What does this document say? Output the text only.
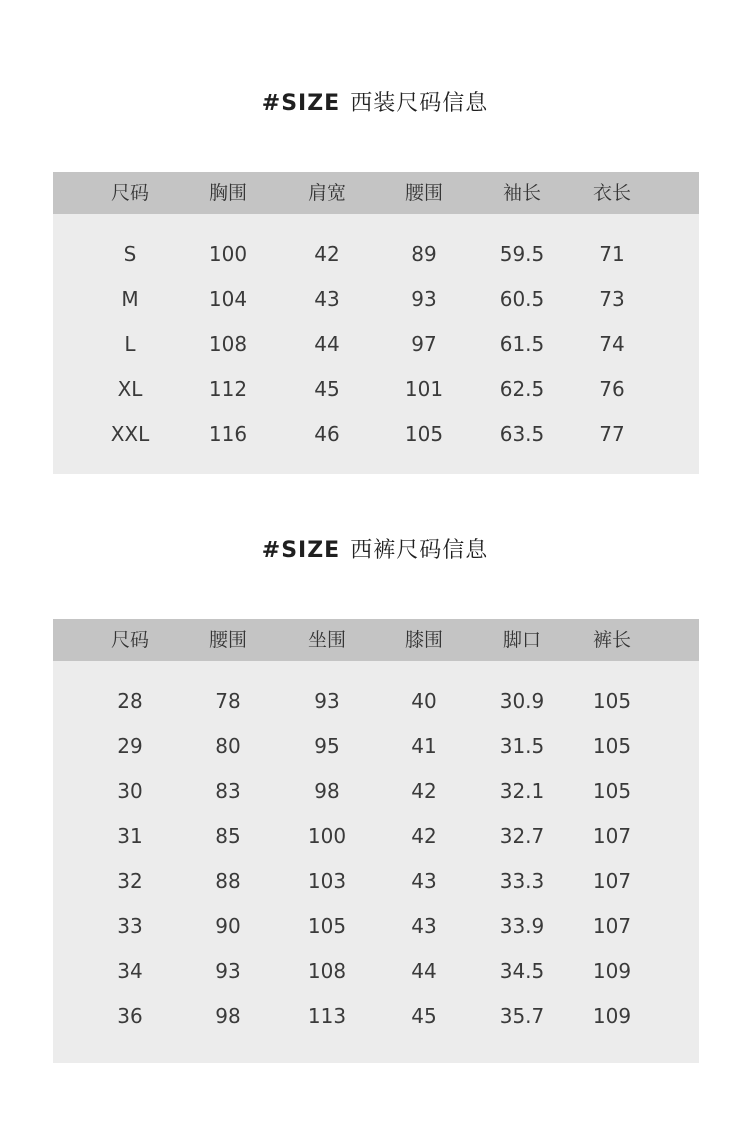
#SIZE 西装尺码信息
尺码	胸围	肩宽	腰围	袖长	衣长
S	100	42	89	59.5	71
M	104	43	93	60.5	73
L	108	44	97	61.5	74
XL	112	45	101	62.5	76
XXL	116	46	105	63.5	77
#SIZE 西裤尺码信息
尺码	腰围	坐围	膝围	脚口	裤长
28	78	93	40	30.9	105
29	80	95	41	31.5	105
30	83	98	42	32.1	105
31	85	100	42	32.7	107
32	88	103	43	33.3	107
33	90	105	43	33.9	107
34	93	108	44	34.5	109
36	98	113	45	35.7	109
